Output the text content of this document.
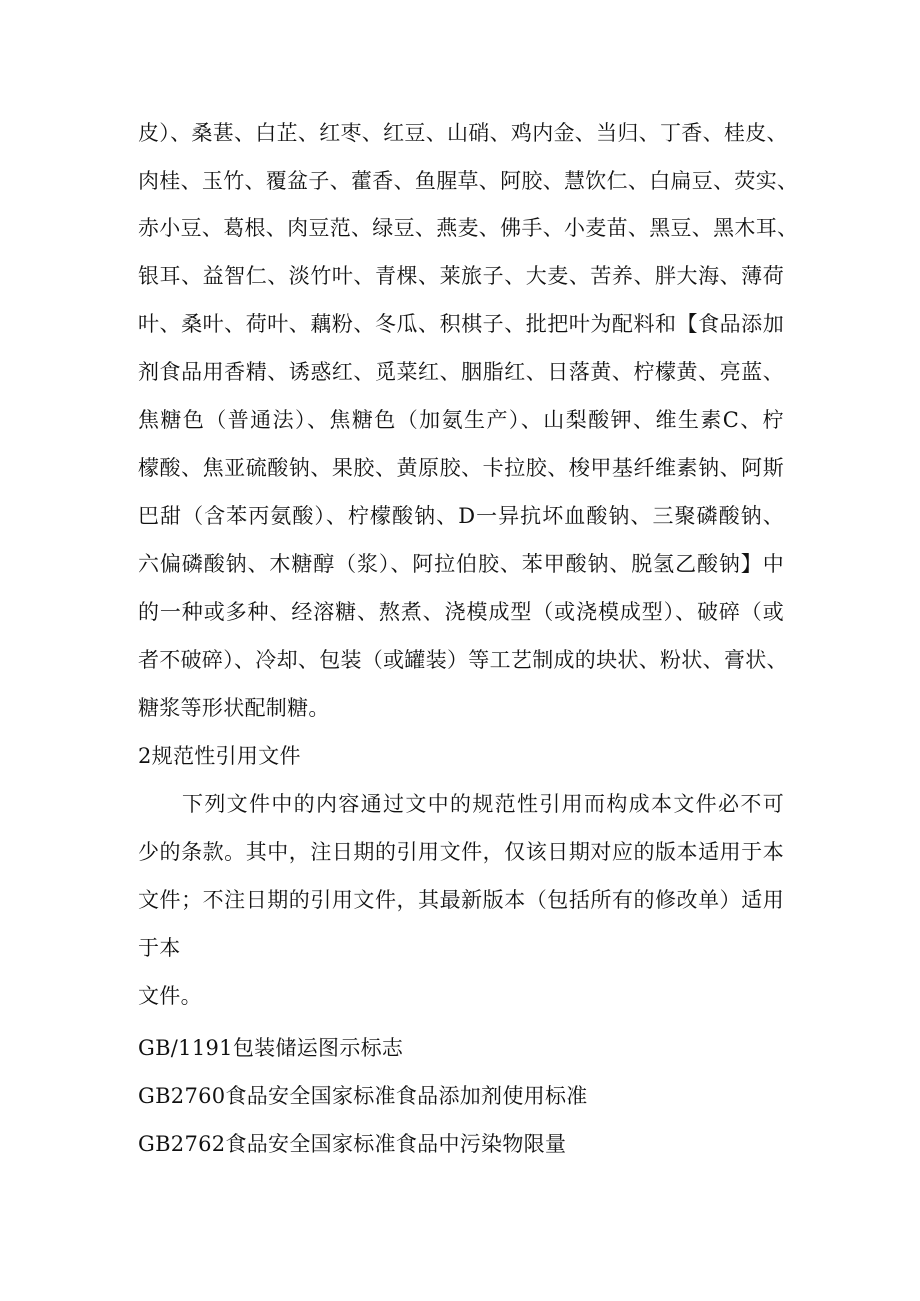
皮）、桑葚、白芷、红枣、红豆、山硝、鸡内金、当归、丁香、桂皮、
肉桂、玉竹、覆盆子、藿香、鱼腥草、阿胶、慧饮仁、白扁豆、荧实、
赤小豆、葛根、肉豆范、绿豆、燕麦、佛手、小麦苗、黑豆、黑木耳、
银耳、益智仁、淡竹叶、青棵、莱旅子、大麦、苦养、胖大海、薄荷
叶、桑叶、荷叶、藕粉、冬瓜、积棋子、批把叶为配料和【食品添加
剂食品用香精、诱惑红、觅菜红、胭脂红、日落黄、柠檬黄、亮蓝、
焦糖色（普通法）、焦糖色（加氨生产）、山梨酸钾、维生素C、柠
檬酸、焦亚硫酸钠、果胶、黄原胶、卡拉胶、梭甲基纤维素钠、阿斯
巴甜（含苯丙氨酸）、柠檬酸钠、D一异抗坏血酸钠、三聚磷酸钠、
六偏磷酸钠、木糖醇（浆）、阿拉伯胶、苯甲酸钠、脱氢乙酸钠】中
的一种或多种、经溶糖、熬煮、浇模成型（或浇模成型）、破碎（或
者不破碎）、冷却、包装（或罐装）等工艺制成的块状、粉状、膏状、
糖浆等形状配制糖。
2规范性引用文件
下列文件中的内容通过文中的规范性引用而构成本文件必不可
少的条款。其中，注日期的引用文件，仅该日期对应的版本适用于本
文件；不注日期的引用文件，其最新版本（包括所有的修改单）适用
于本
文件。
GB/1191包装储运图示标志
GB2760食品安全国家标准食品添加剂使用标准
GB2762食品安全国家标准食品中污染物限量
